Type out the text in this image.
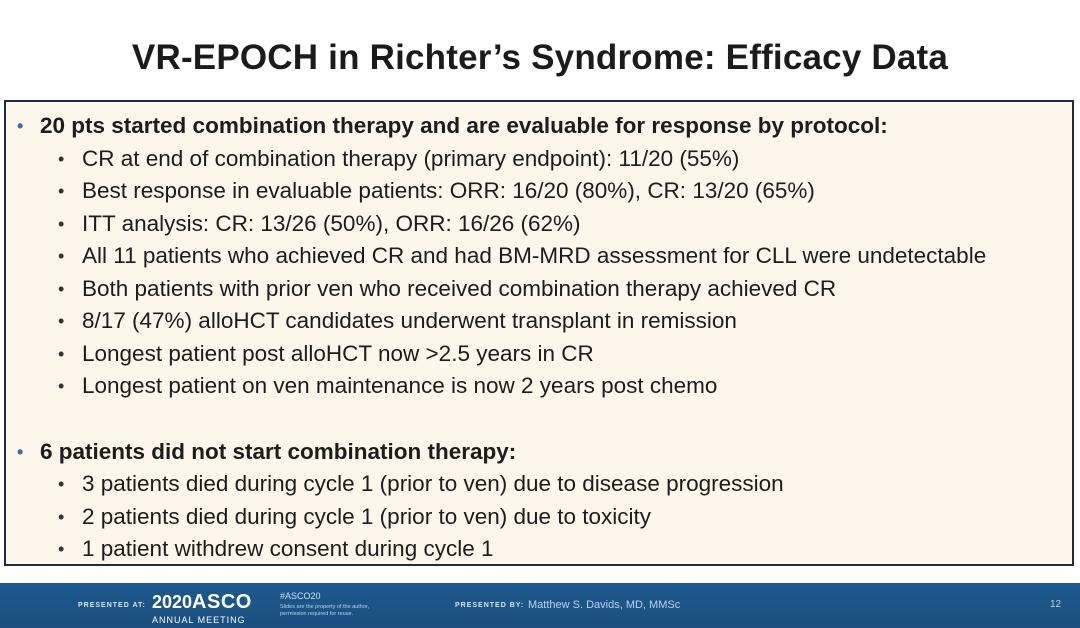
VR-EPOCH in Richter’s Syndrome: Efficacy Data
• 20 pts started combination therapy and are evaluable for response by protocol:
• CR at end of combination therapy (primary endpoint): 11/20 (55%)
• Best response in evaluable patients: ORR: 16/20 (80%), CR: 13/20 (65%)
• ITT analysis: CR: 13/26 (50%), ORR: 16/26 (62%)
• All 11 patients who achieved CR and had BM-MRD assessment for CLL were undetectable
• Both patients with prior ven who received combination therapy achieved CR
• 8/17 (47%) alloHCT candidates underwent transplant in remission
• Longest patient post alloHCT now >2.5 years in CR
• Longest patient on ven maintenance is now 2 years post chemo
• 6 patients did not start combination therapy:
• 3 patients died during cycle 1 (prior to ven) due to disease progression
• 2 patients died during cycle 1 (prior to ven) due to toxicity
• 1 patient withdrew consent during cycle 1
PRESENTED AT: 2020ASCO
ANNUAL MEETING
#ASCO20
Slides are the property of the author, permission required for reuse.
PRESENTED BY: Matthew S. Davids, MD, MMSc	12
